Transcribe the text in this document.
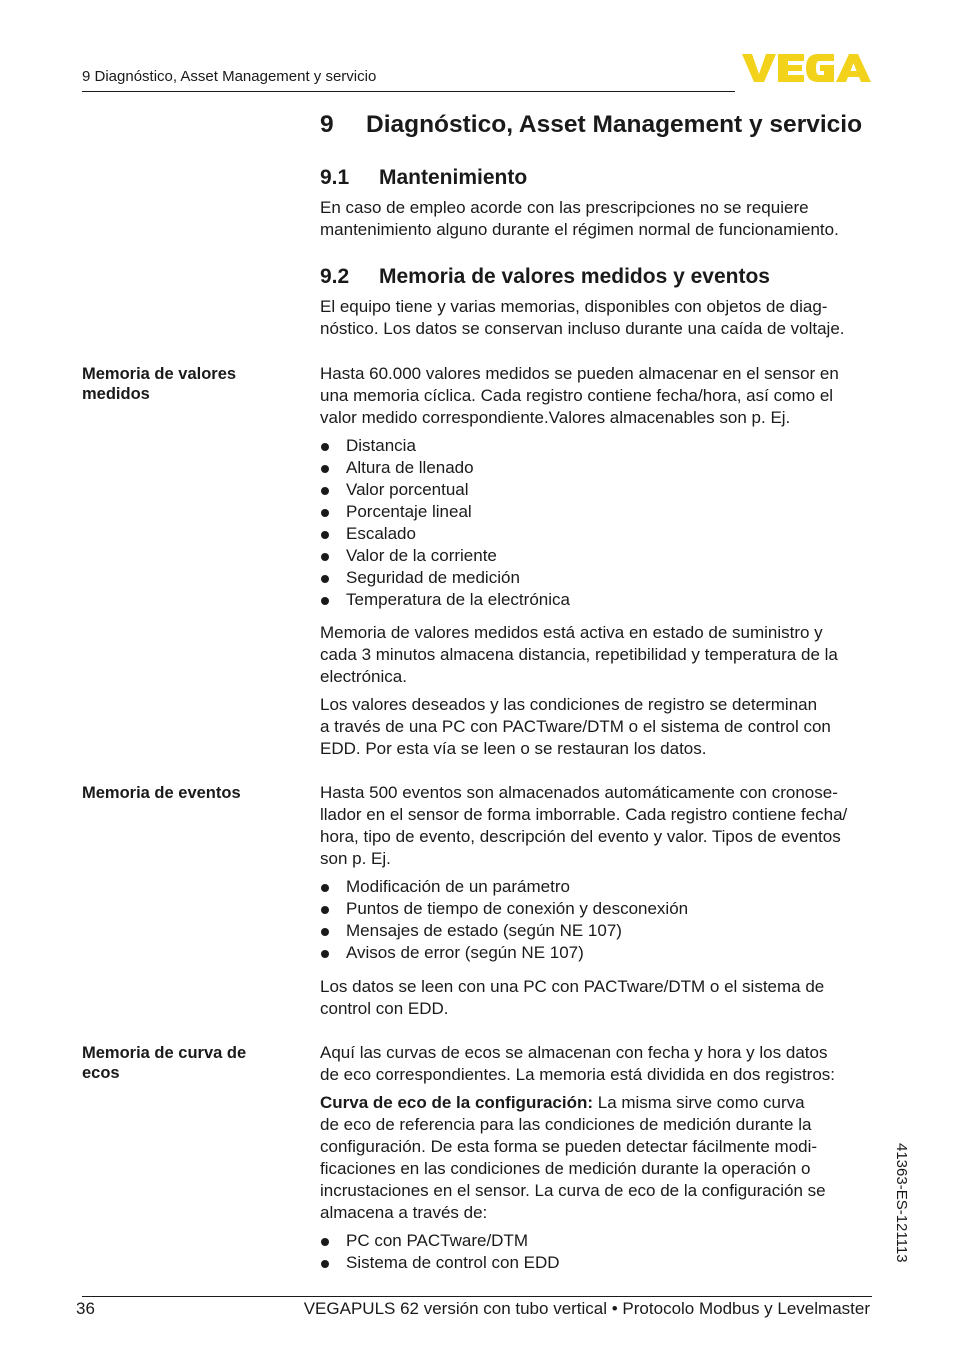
9 Diagnóstico, Asset Management y servicio
9 Diagnóstico, Asset Management y servicio
9.1 Mantenimiento

En caso de empleo acorde con las prescripciones no se requiere

mantenimiento alguno durante el régimen normal de funcionamiento.

9.2 Memoria de valores medidos y eventos

El equipo tiene y varias memorias, disponibles con objetos de diag-

nóstico. Los datos se conservan incluso durante una caída de voltaje.

Memoria de valores
medidos

Hasta 60.000 valores medidos se pueden almacenar en el sensor en

una memoria cíclica. Cada registro contiene fecha/hora, así como el

valor medido correspondiente.Valores almacenables son p. Ej.

Distancia
Altura de llenado
Valor porcentual
Porcentaje lineal
Escalado
Valor de la corriente
Seguridad de medición
Temperatura de la electrónica

Memoria de valores medidos está activa en estado de suministro y

cada 3 minutos almacena distancia, repetibilidad y temperatura de la

electrónica.

Los valores deseados y las condiciones de registro se determinan

a través de una PC con PACTware/DTM o el sistema de control con

EDD. Por esta vía se leen o se restauran los datos.

Memoria de eventos	Hasta 500 eventos son almacenados automáticamente con cronose-

llador en el sensor de forma imborrable. Cada registro contiene fecha/

hora, tipo de evento, descripción del evento y valor. Tipos de eventos

son p. Ej.

Modificación de un parámetro
Puntos de tiempo de conexión y desconexión
Mensajes de estado (según NE 107)
Avisos de error (según NE 107)

Los datos se leen con una PC con PACTware/DTM o el sistema de

control con EDD.

Memoria de curva de
ecos

Aquí las curvas de ecos se almacenan con fecha y hora y los datos

de eco correspondientes. La memoria está dividida en dos registros:

Curva de eco de la configuración: La misma sirve como curva

de eco de referencia para las condiciones de medición durante la

configuración. De esta forma se pueden detectar fácilmente modi-

ficaciones en las condiciones de medición durante la operación o

incrustaciones en el sensor. La curva de eco de la configuración se

almacena a través de:

PC con PACTware/DTM
Sistema de control con EDD	41363-ES-121113
36	VEGAPULS 62 versión con tubo vertical • Protocolo Modbus y Levelmaster
